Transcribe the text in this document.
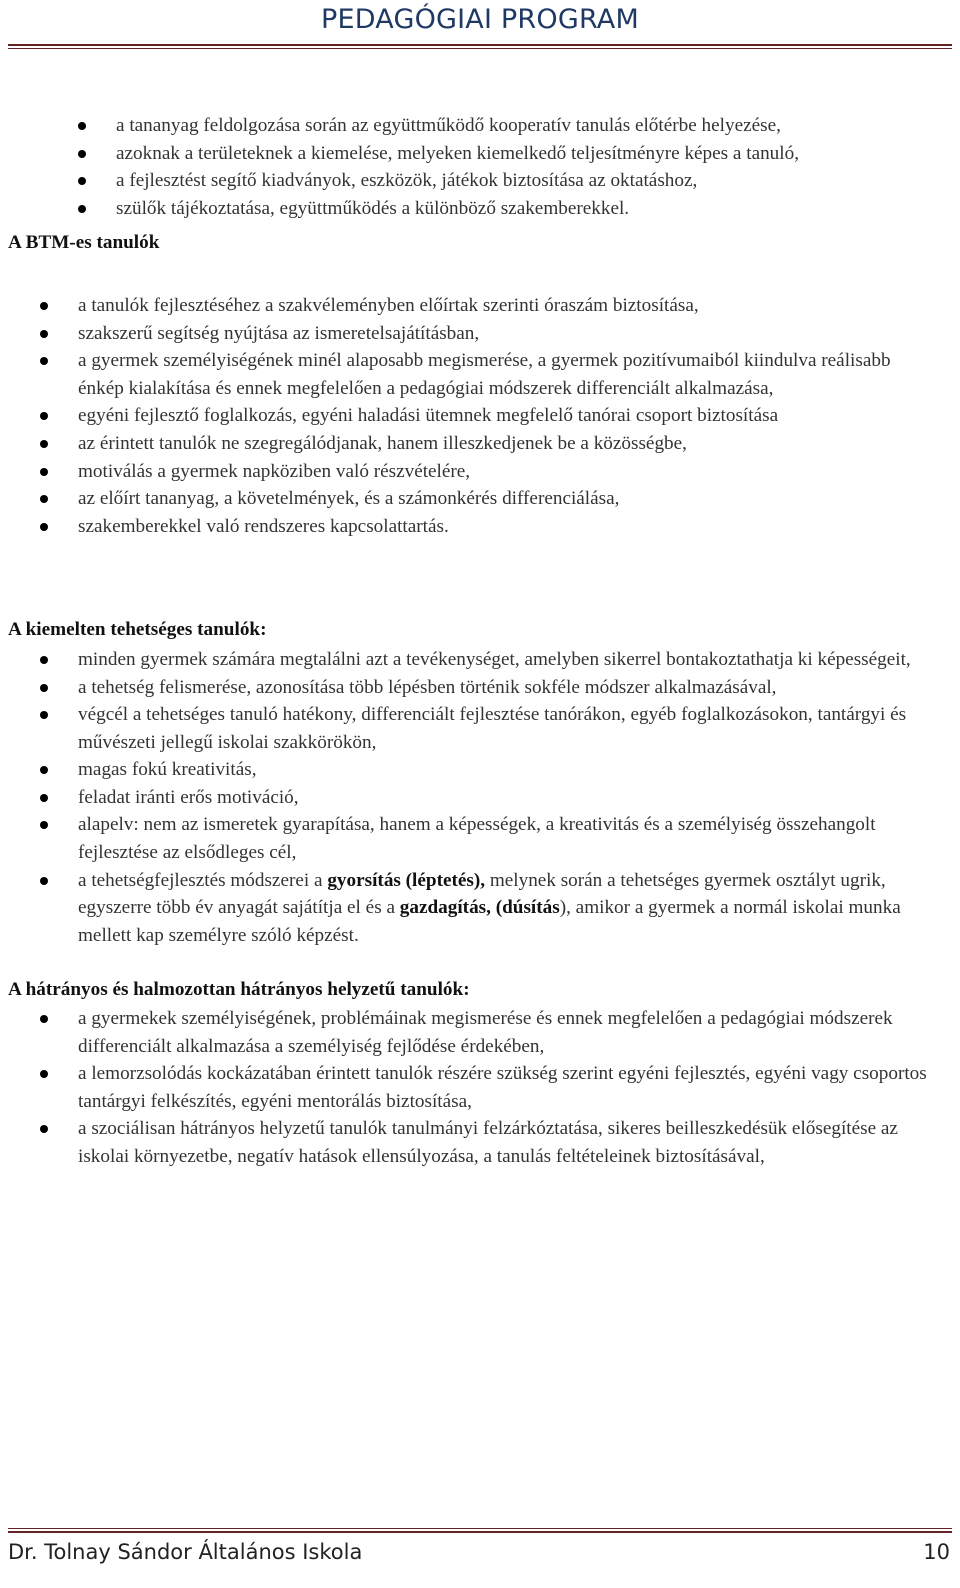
PEDAGÓGIAI PROGRAM
a tananyag feldolgozása során az együttműködő kooperatív tanulás előtérbe helyezése,
azoknak a területeknek a kiemelése, melyeken kiemelkedő teljesítményre képes a tanuló,
a fejlesztést segítő kiadványok, eszközök, játékok biztosítása az oktatáshoz,
szülők tájékoztatása, együttműködés a különböző szakemberekkel.
A BTM-es tanulók
a tanulók fejlesztéséhez a szakvéleményben előírtak szerinti óraszám biztosítása,
szakszerű segítség nyújtása az ismeretelsajátításban,
a gyermek személyiségének minél alaposabb megismerése, a gyermek pozitívumaiból kiindulva reálisabb énkép kialakítása és ennek megfelelően a pedagógiai módszerek differenciált alkalmazása,
egyéni fejlesztő foglalkozás, egyéni haladási ütemnek megfelelő tanórai csoport biztosítása
az érintett tanulók ne szegregálódjanak, hanem illeszkedjenek be a közösségbe,
motiválás a gyermek napköziben való részvételére,
az előírt tananyag, a követelmények, és a számonkérés differenciálása,
szakemberekkel való rendszeres kapcsolattartás.
A kiemelten tehetséges tanulók:
minden gyermek számára megtalálni azt a tevékenységet, amelyben sikerrel bontakoztathatja ki képességeit,
a tehetség felismerése, azonosítása több lépésben történik sokféle módszer alkalmazásával,
végcél a tehetséges tanuló hatékony, differenciált fejlesztése tanórákon, egyéb foglalkozásokon, tantárgyi és művészeti jellegű iskolai szakkörökön,
magas fokú kreativitás,
feladat iránti erős motiváció,
alapelv: nem az ismeretek gyarapítása, hanem a képességek, a kreativitás és a személyiség összehangolt fejlesztése az elsődleges cél,
a tehetségfejlesztés módszerei a gyorsítás (léptetés), melynek során a tehetséges gyermek osztályt ugrik, egyszerre több év anyagát sajátítja el és a gazdagítás, (dúsítás), amikor a gyermek a normál iskolai munka mellett kap személyre szóló képzést.
A hátrányos és halmozottan hátrányos helyzetű tanulók:
a gyermekek személyiségének, problémáinak megismerése és ennek megfelelően a pedagógiai módszerek differenciált alkalmazása a személyiség fejlődése érdekében,
a lemorzsolódás kockázatában érintett tanulók részére szükség szerint egyéni fejlesztés, egyéni vagy csoportos tantárgyi felkészítés, egyéni mentorálás biztosítása,
a szociálisan hátrányos helyzetű tanulók tanulmányi felzárkóztatása, sikeres beilleszkedésük elősegítése az iskolai környezetbe, negatív hatások ellensúlyozása, a tanulás feltételeinek biztosításával,
Dr. Tolnay Sándor Általános Iskola	10
